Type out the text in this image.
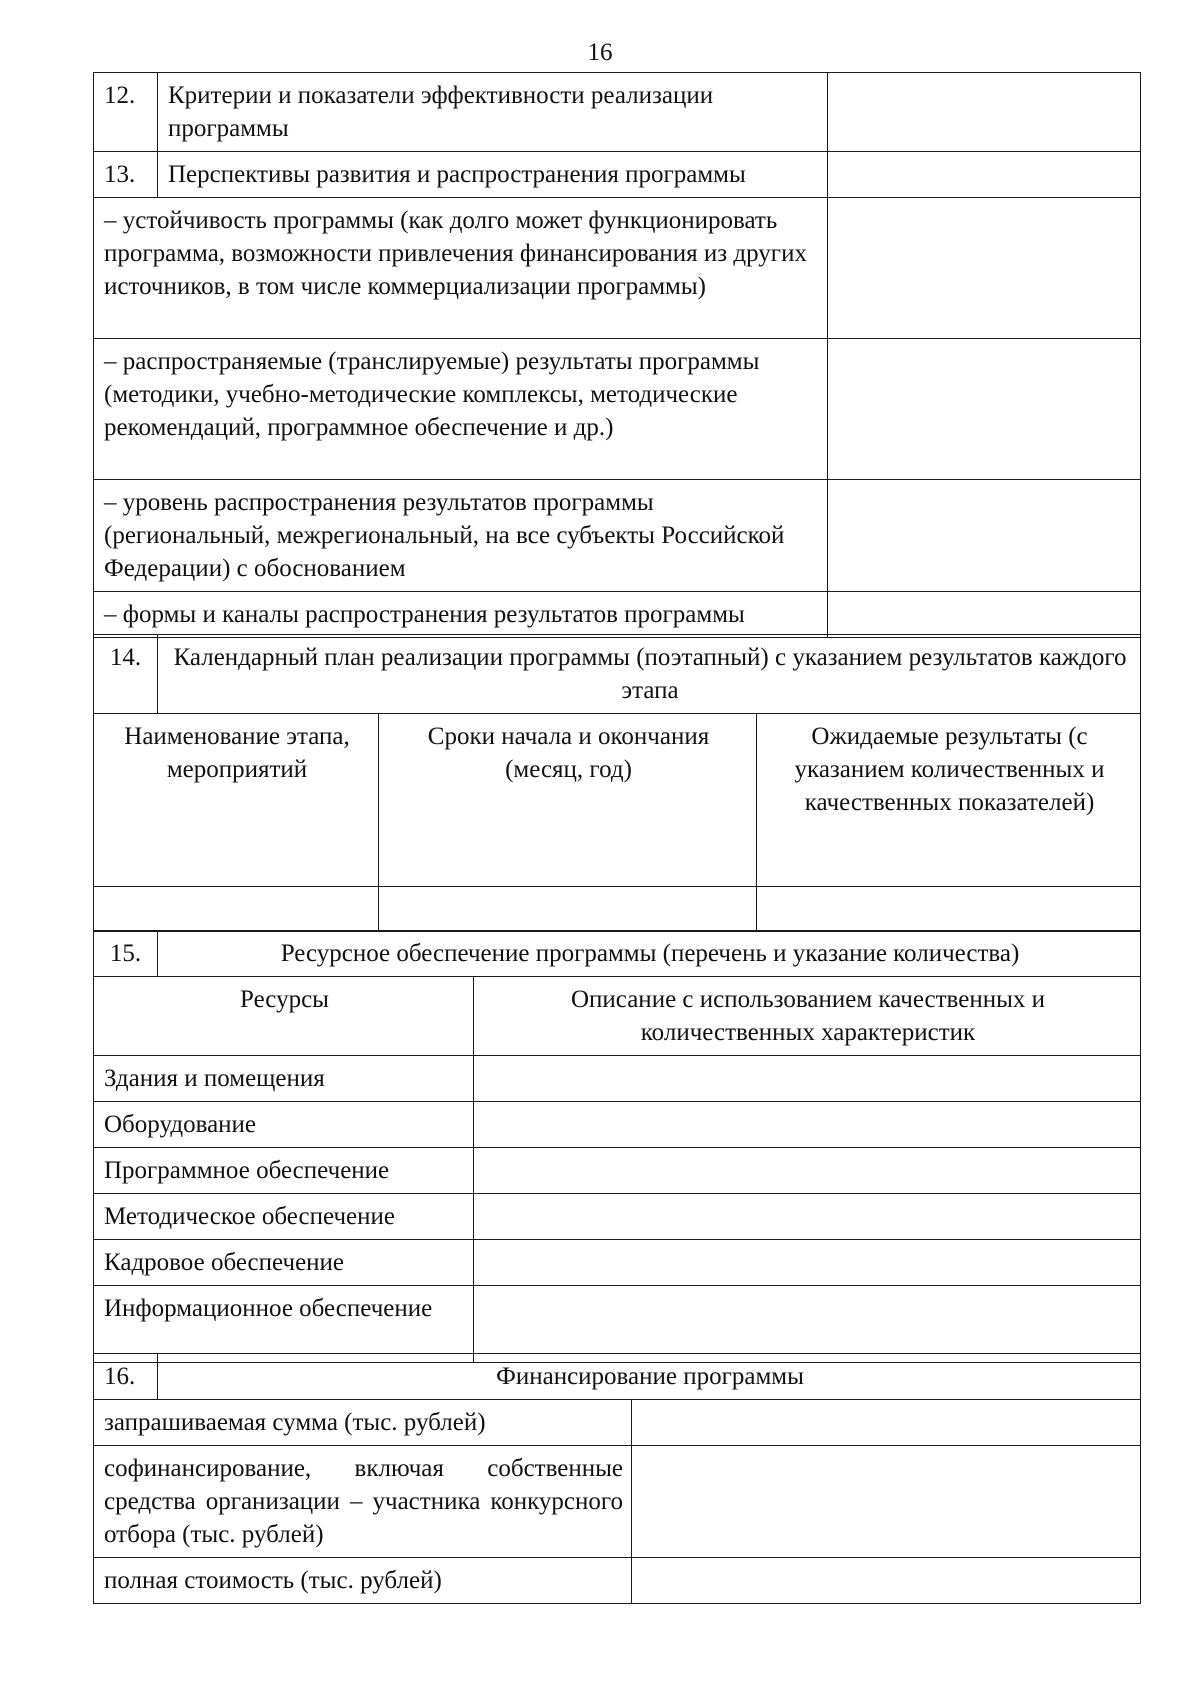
16
12.	Критерии и показатели эффективности реализации программы	
13.	Перспективы развития и распространения программы	
– устойчивость программы (как долго может функционировать программа, возможности привлечения финансирования из других источников, в том числе коммерциализации программы)		
– распространяемые (транслируемые) результаты программы (методики, учебно-методические комплексы, методические рекомендаций, программное обеспечение и др.)		
– уровень распространения результатов программы (региональный, межрегиональный, на все субъекты Российской Федерации) с обоснованием		
– формы и каналы распространения результатов программы		
14.	Календарный план реализации программы (поэтапный) с указанием результатов каждого этапа		
Наименование этапа, мероприятий		Сроки начала и окончания (месяц, год)	Ожидаемые результаты (с указанием количественных и качественных показателей)

15.	Ресурсное обеспечение программы (перечень и указание количества)	
Ресурсы		Описание с использованием качественных и количественных характеристик
Здания и помещения		
Оборудование		
Программное обеспечение		
Методическое обеспечение		
Кадровое обеспечение		
Информационное обеспечение		
16.	Финансирование программы	
запрашиваемая сумма (тыс. рублей)		
софинансирование, включая собственные средства организации – участника конкурсного отбора (тыс. рублей)		
полная стоимость (тыс. рублей)		
